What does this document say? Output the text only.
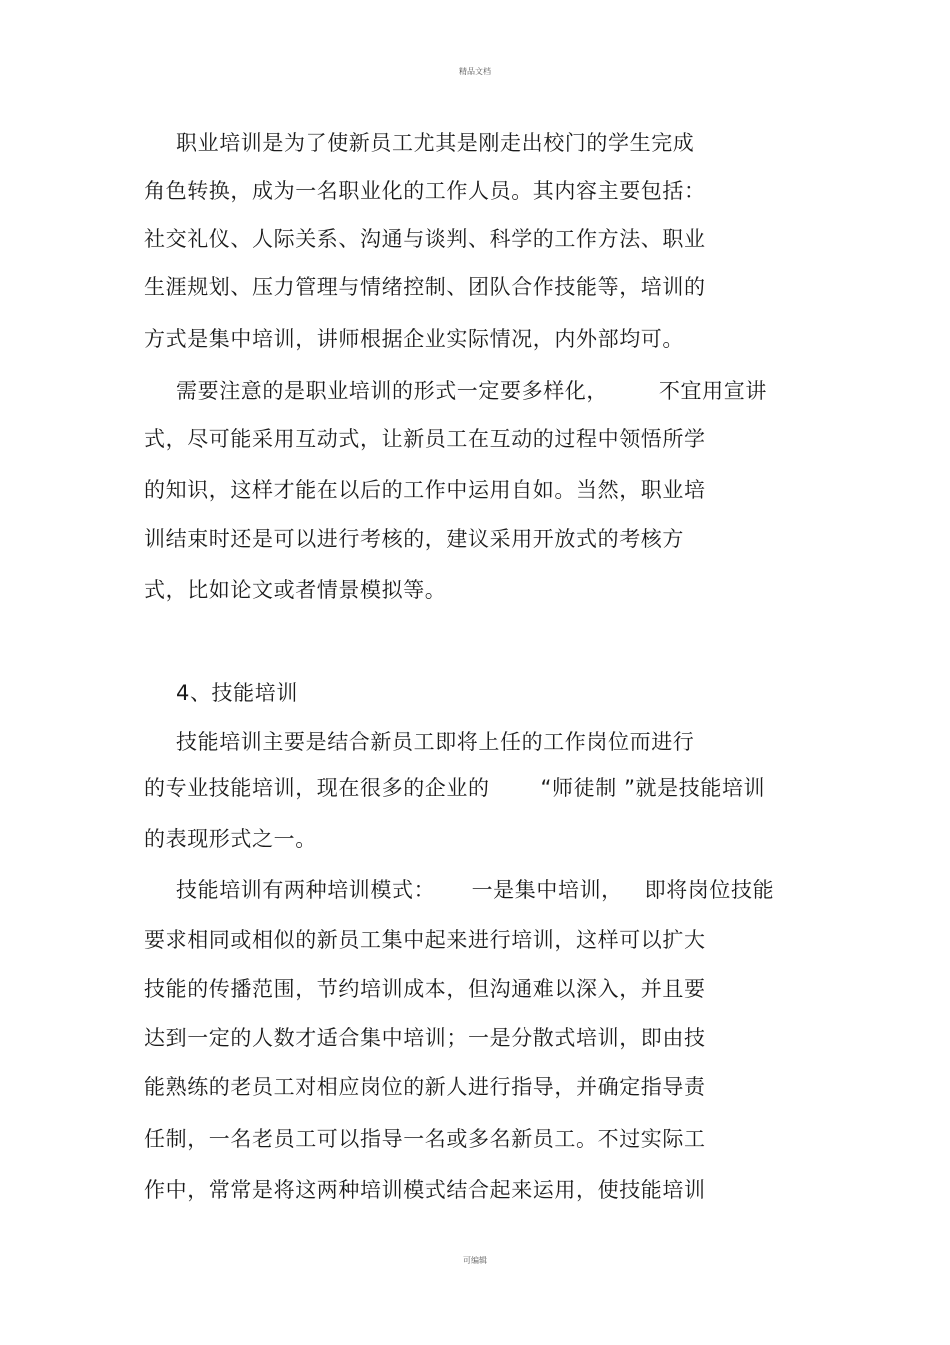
精品文档
职业培训是为了使新员工尤其是刚走出校门的学生完成
角色转换，成为一名职业化的工作人员。其内容主要包括：
社交礼仪、人际关系、沟通与谈判、科学的工作方法、职业
生涯规划、压力管理与情绪控制、团队合作技能等，培训的
方式是集中培训，讲师根据企业实际情况，内外部均可。
需要注意的是职业培训的形式一定要多样化，       不宜用宣讲
式，尽可能采用互动式，让新员工在互动的过程中领悟所学
的知识，这样才能在以后的工作中运用自如。当然，职业培
训结束时还是可以进行考核的，建议采用开放式的考核方
式，比如论文或者情景模拟等。
4、技能培训
技能培训主要是结合新员工即将上任的工作岗位而进行
的专业技能培训，现在很多的企业的       “师徒制 ”就是技能培训
的表现形式之一。
技能培训有两种培训模式：     一是集中培训，   即将岗位技能
要求相同或相似的新员工集中起来进行培训，这样可以扩大
技能的传播范围，节约培训成本，但沟通难以深入，并且要
达到一定的人数才适合集中培训；一是分散式培训，即由技
能熟练的老员工对相应岗位的新人进行指导，并确定指导责
任制，一名老员工可以指导一名或多名新员工。不过实际工
作中，常常是将这两种培训模式结合起来运用，使技能培训
可编辑
